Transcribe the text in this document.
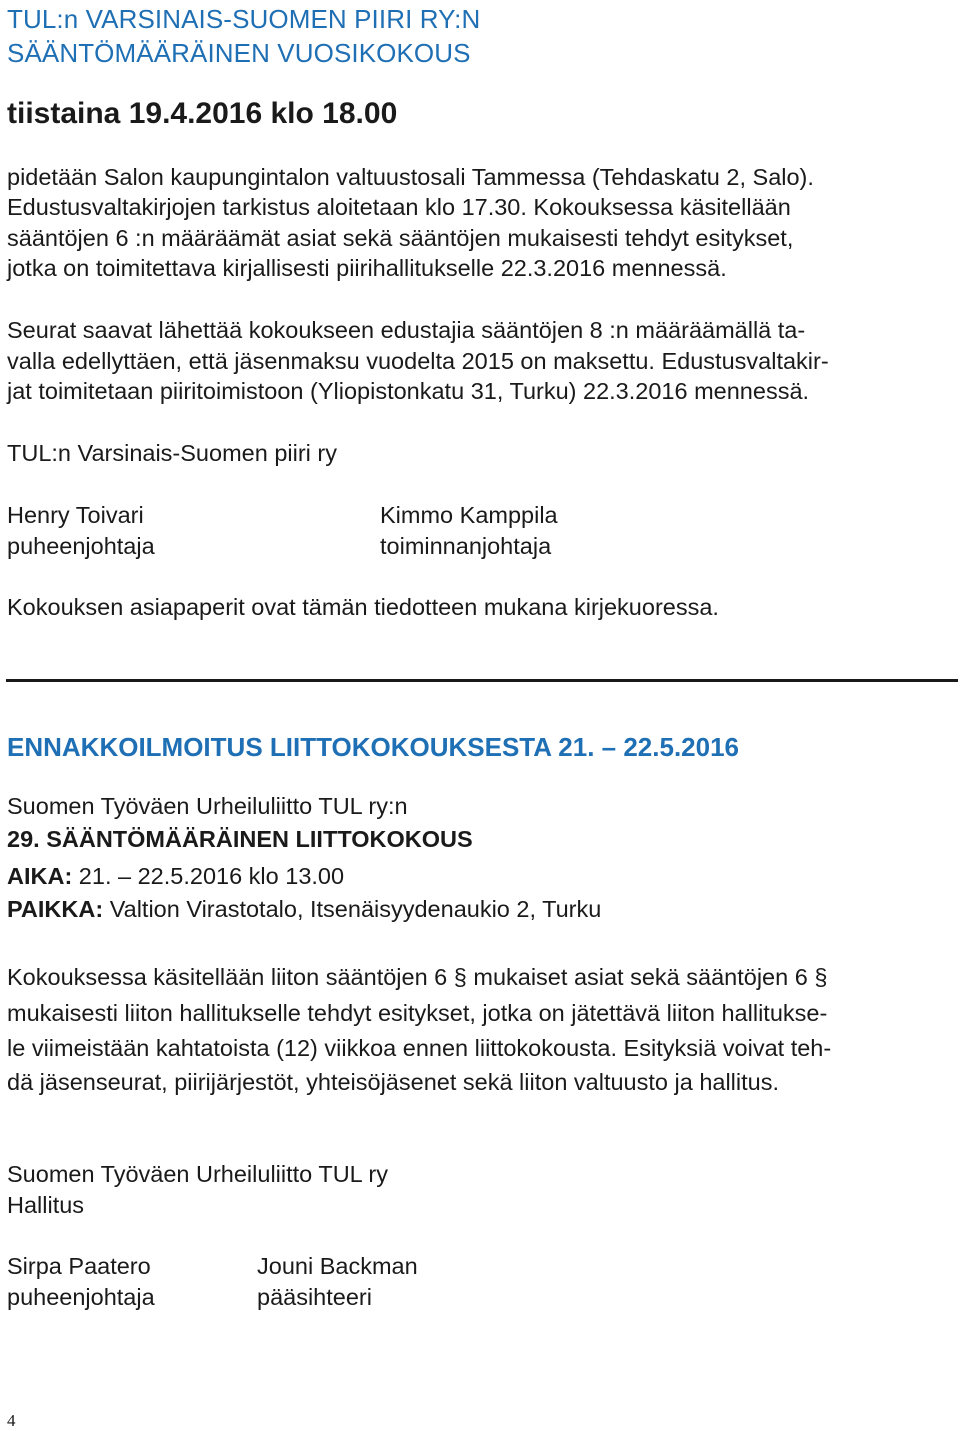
TUL:n VARSINAIS-SUOMEN PIIRI RY:N
SÄÄNTÖMÄÄRÄINEN VUOSIKOKOUS
tiistaina 19.4.2016 klo 18.00
pidetään Salon kaupungintalon valtuustosali Tammessa (Tehdaskatu 2, Salo).
Edustusvaltakirjojen tarkistus aloitetaan klo 17.30. Kokouksessa käsitellään
sääntöjen 6 :n määräämät asiat sekä sääntöjen mukaisesti tehdyt esitykset,
jotka on toimitettava kirjallisesti piirihallitukselle 22.3.2016 mennessä.
Seurat saavat lähettää kokoukseen edustajia sääntöjen 8 :n määräämällä ta-
valla edellyttäen, että jäsenmaksu vuodelta 2015 on maksettu. Edustusvaltakir-
jat toimitetaan piiritoimistoon (Yliopistonkatu 31, Turku) 22.3.2016 mennessä.
TUL:n Varsinais-Suomen piiri ry
Henry Toivari
puheenjohtaja
Kimmo Kamppila
toiminnanjohtaja
Kokouksen asiapaperit ovat tämän tiedotteen mukana kirjekuoressa.
ENNAKKOILMOITUS LIITTOKOKOUKSESTA 21. – 22.5.2016
Suomen Työväen Urheiluliitto TUL ry:n
29. SÄÄNTÖMÄÄRÄINEN LIITTOKOKOUS
AIKA: 21. – 22.5.2016 klo 13.00
PAIKKA: Valtion Virastotalo, Itsenäisyydenaukio 2, Turku
Kokouksessa käsitellään liiton sääntöjen 6 § mukaiset asiat sekä sääntöjen 6 §
mukaisesti liiton hallitukselle tehdyt esitykset, jotka on jätettävä liiton hallitukse-
le viimeistään kahtatoista (12) viikkoa ennen liittokokousta. Esityksiä voivat teh-
dä jäsenseurat, piirijärjestöt, yhteisöjäsenet sekä liiton valtuusto ja hallitus.
Suomen Työväen Urheiluliitto TUL ry
Hallitus
Sirpa Paatero
puheenjohtaja
Jouni Backman
pääsihteeri
4
